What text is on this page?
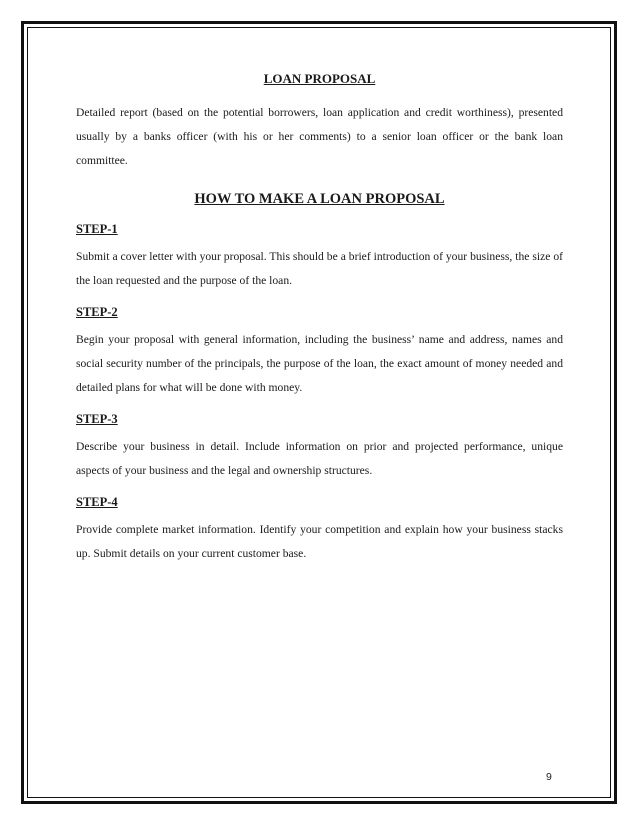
LOAN PROPOSAL
Detailed report (based on the potential borrowers, loan application and credit worthiness), presented usually by a banks officer (with his or her comments) to a senior loan officer or the bank loan committee.
HOW TO MAKE A LOAN PROPOSAL
STEP-1
Submit a cover letter with your proposal. This should be a brief introduction of your business, the size of the loan requested and the purpose of the loan.
STEP-2
Begin your proposal with general information, including the business’ name and address, names and social security number of the principals, the purpose of the loan, the exact amount of money needed and detailed plans for what will be done with money.
STEP-3
Describe your business in detail. Include information on prior and projected performance, unique aspects of your business and the legal and ownership structures.
STEP-4
Provide complete market information. Identify your competition and explain how your business stacks up. Submit details on your current customer base.
9
